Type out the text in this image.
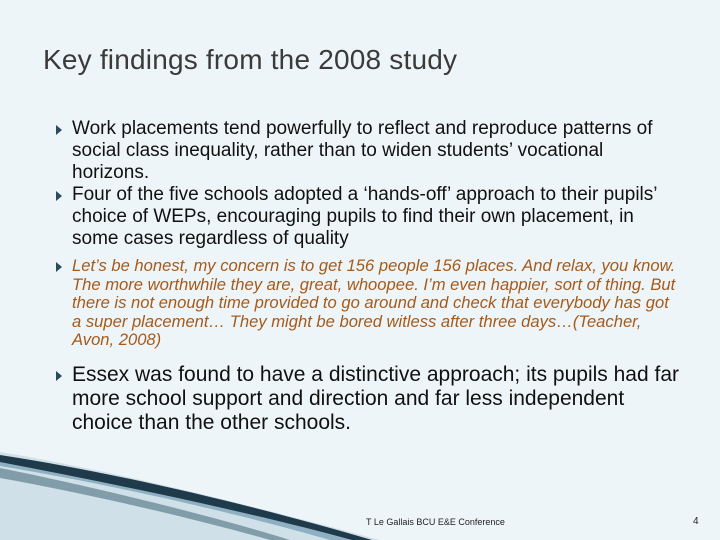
Key findings from the 2008 study
Work placements tend powerfully to reflect and reproduce patterns of social class inequality, rather than to widen students’ vocational horizons.
Four of the five schools adopted a ‘hands-off’ approach to their pupils’ choice of WEPs, encouraging pupils to find their own placement, in some cases regardless of quality
Let’s be honest, my concern is to get 156 people 156 places. And relax, you know. The more worthwhile they are, great, whoopee. I’m even happier, sort of thing. But there is not enough time provided to go around and check that everybody has got a super placement… They might be bored witless after three days…(Teacher, Avon, 2008)
Essex was found to have a distinctive approach; its pupils had far more school support and direction and far less independent choice than the other schools.
T Le Gallais BCU E&E Conference	4
